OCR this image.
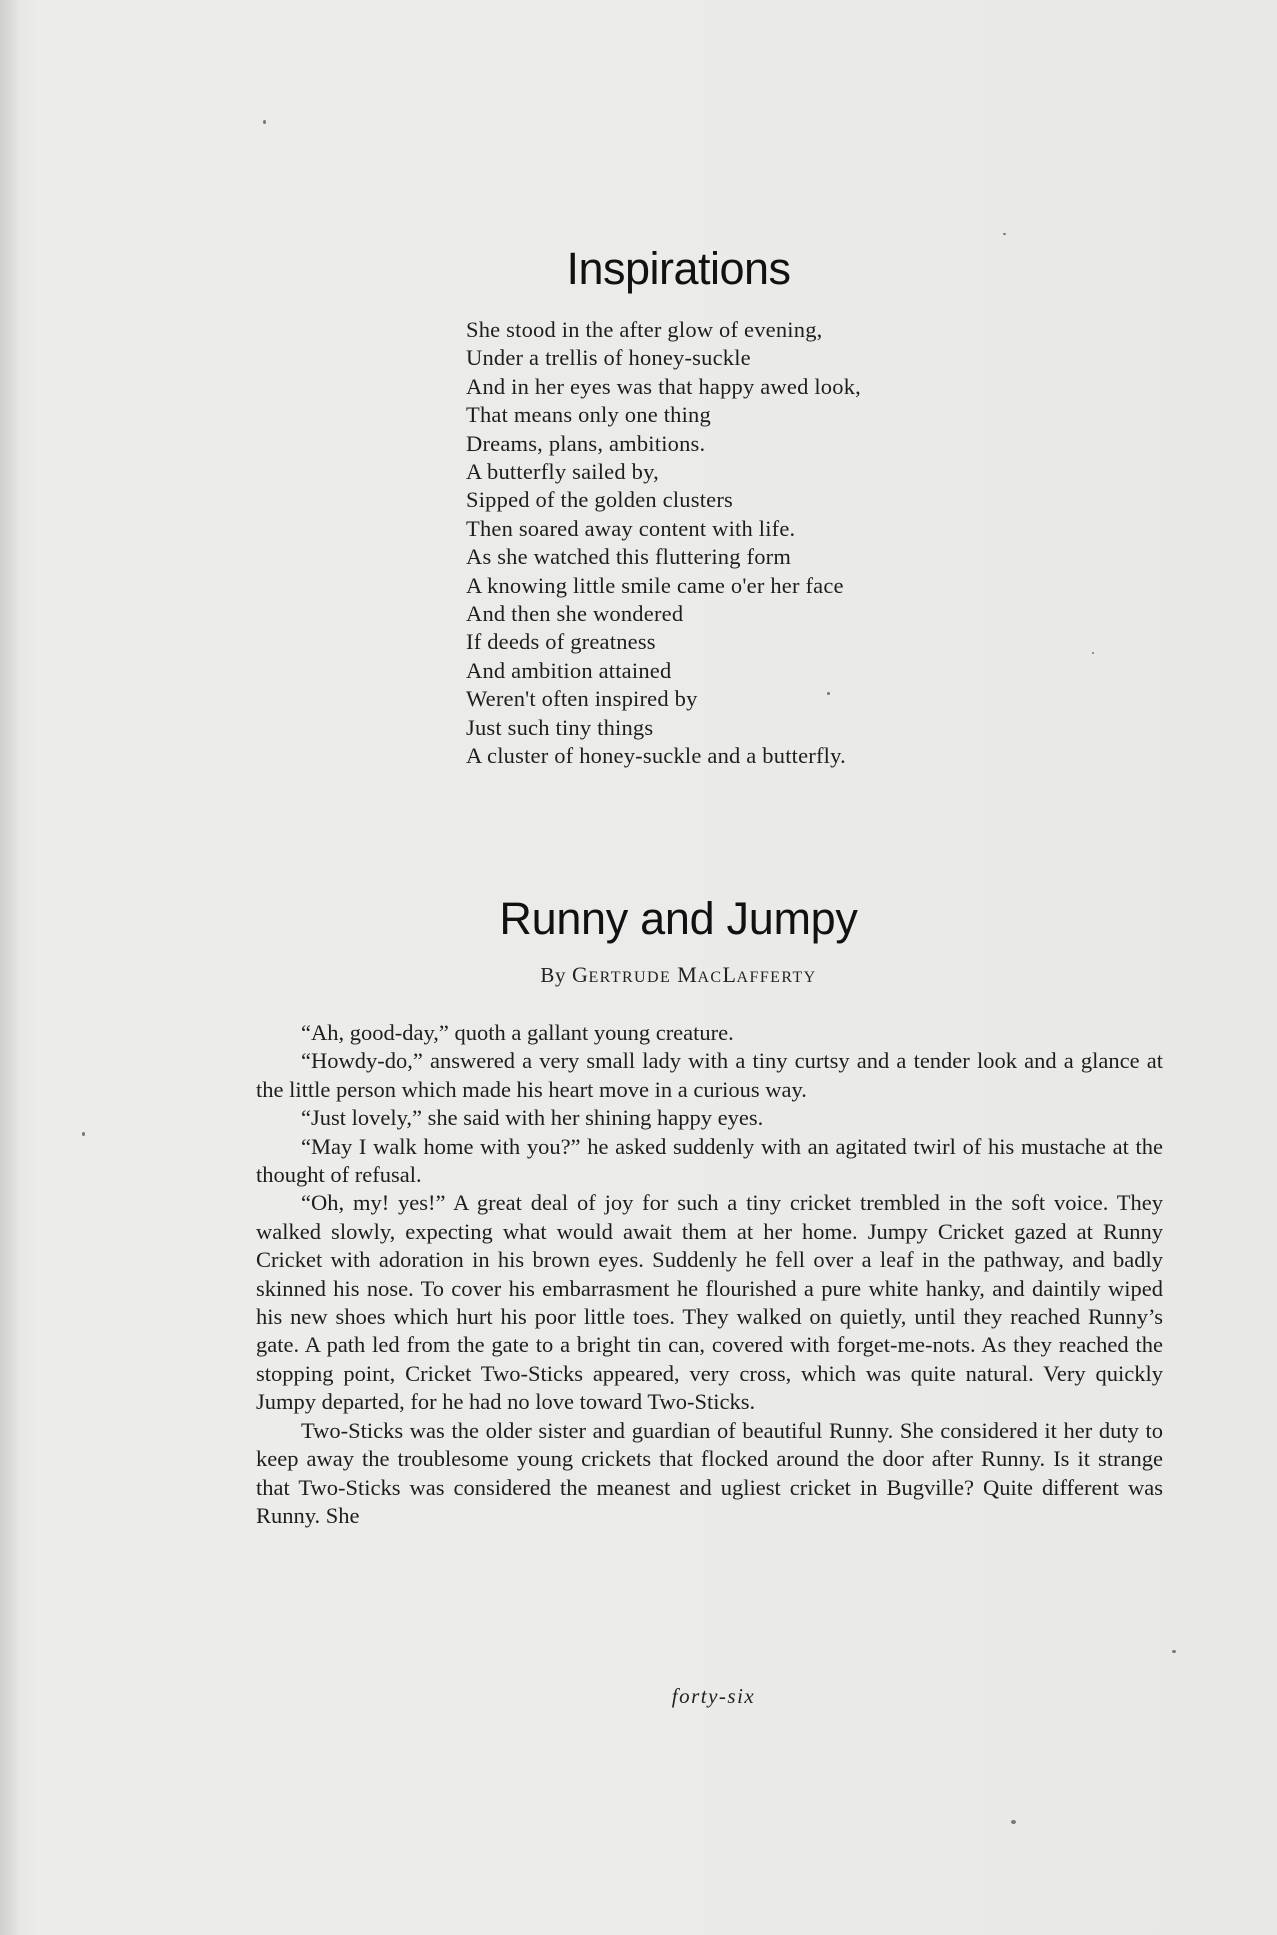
Inspirations
She stood in the after glow of evening,
Under a trellis of honey-suckle
And in her eyes was that happy awed look,
That means only one thing
Dreams, plans, ambitions.
A butterfly sailed by,
Sipped of the golden clusters
Then soared away content with life.
As she watched this fluttering form
A knowing little smile came o'er her face
And then she wondered
If deeds of greatness
And ambition attained
Weren't often inspired by
Just such tiny things
A cluster of honey-suckle and a butterfly.
Runny and Jumpy
By GERTRUDE MACLAFFERTY

“Ah, good-day,” quoth a gallant young creature.

“Howdy-do,” answered a very small lady with a tiny curtsy and a tender look and a glance at the little person which made his heart move in a curious way.

“Just lovely,” she said with her shining happy eyes.

“May I walk home with you?” he asked suddenly with an agitated twirl of his mustache at the thought of refusal.

“Oh, my! yes!” A great deal of joy for such a tiny cricket trembled in the soft voice. They walked slowly, expecting what would await them at her home. Jumpy Cricket gazed at Runny Cricket with adoration in his brown eyes. Suddenly he fell over a leaf in the pathway, and badly skinned his nose. To cover his embarrasment he flourished a pure white hanky, and daintily wiped his new shoes which hurt his poor little toes. They walked on quietly, until they reached Runny’s gate. A path led from the gate to a bright tin can, covered with forget-me-nots. As they reached the stopping point, Cricket Two-Sticks appeared, very cross, which was quite natural. Very quickly Jumpy departed, for he had no love toward Two-Sticks.

Two-Sticks was the older sister and guardian of beautiful Runny. She considered it her duty to keep away the troublesome young crickets that flocked around the door after Runny. Is it strange that Two-Sticks was considered the meanest and ugliest cricket in Bugville? Quite different was Runny. She

forty-six
